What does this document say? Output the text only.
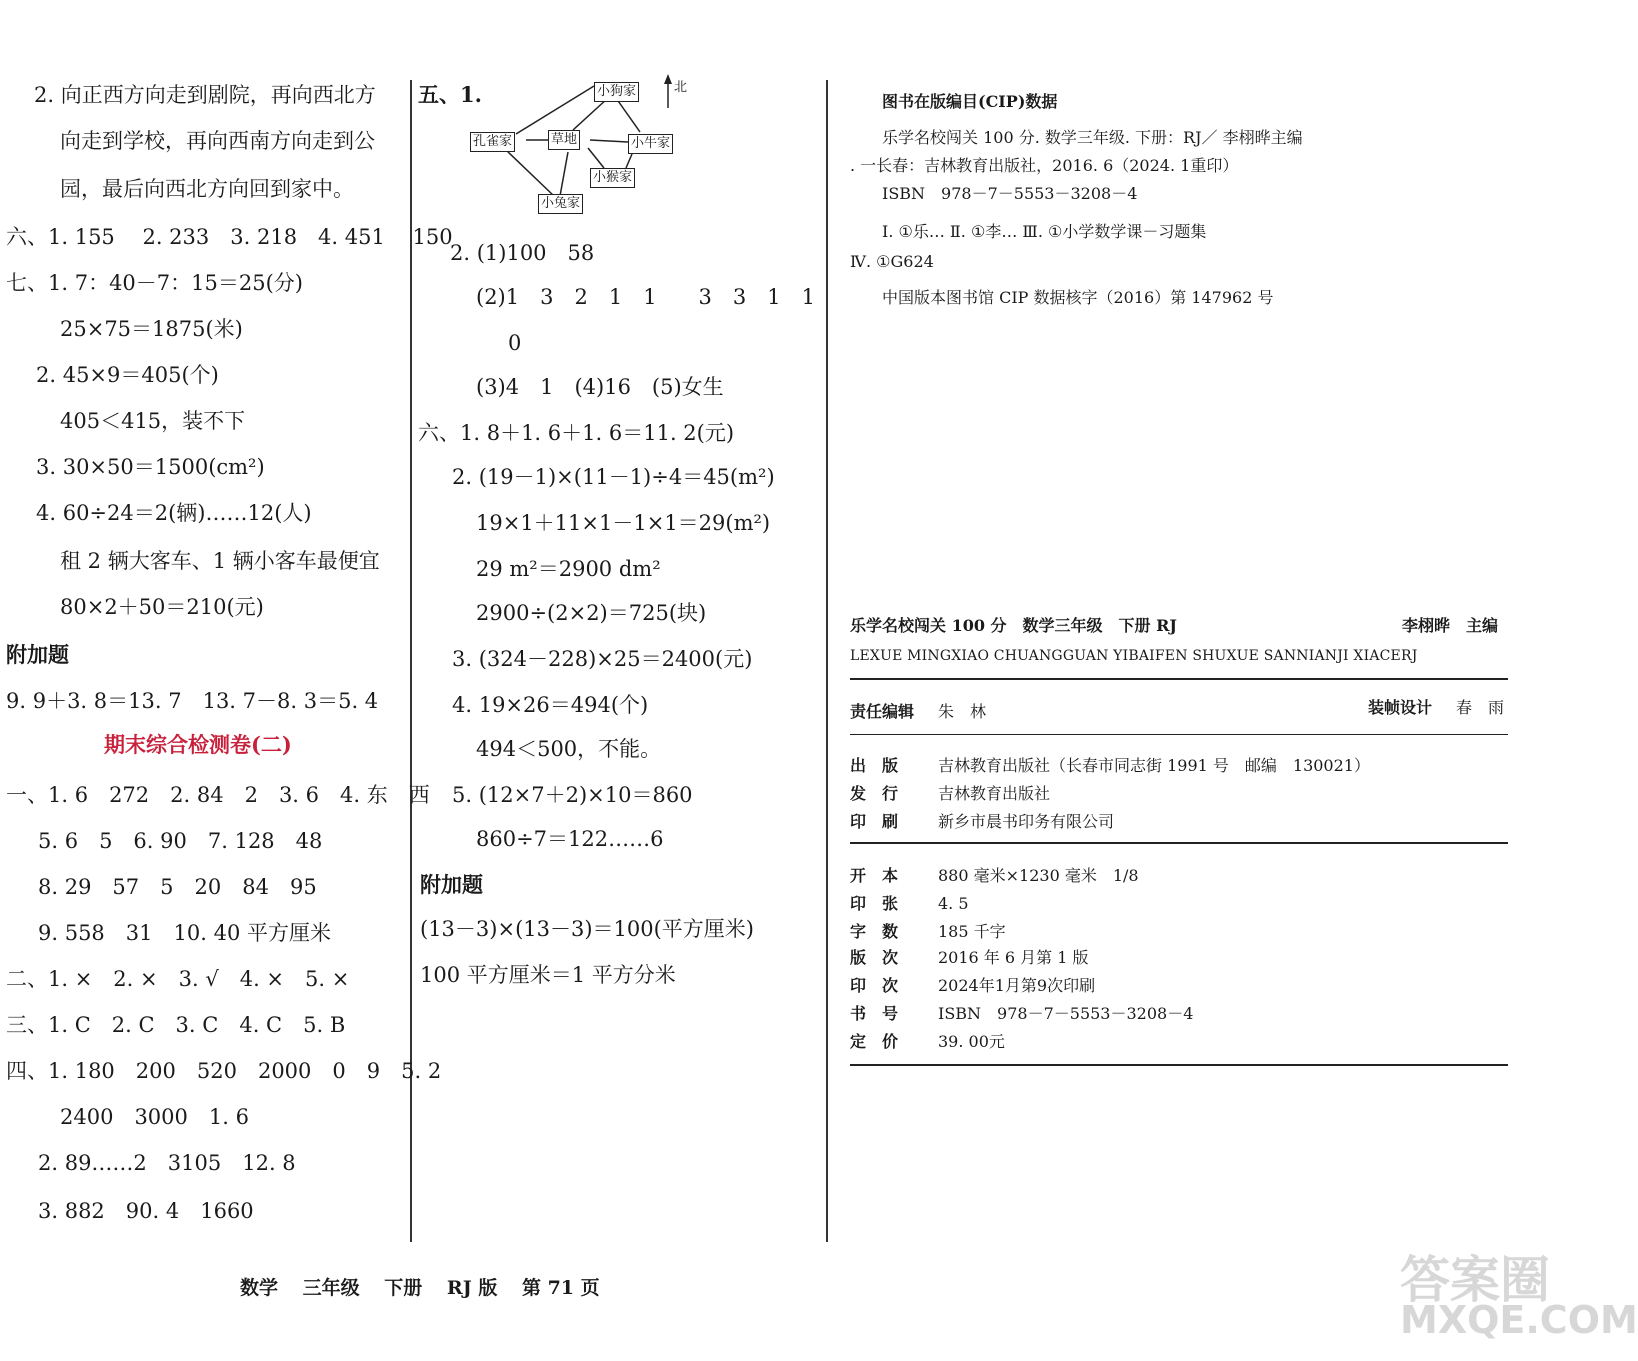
2. 向正西方向走到剧院，再向西北方
向走到学校，再向西南方向走到公
园，最后向西北方向回到家中。
六、1. 155　 2. 233　3. 218　4. 451　 150
七、1. 7：40－7：15＝25(分)
25×75＝1875(米)
2. 45×9＝405(个)
405＜415，装不下
3. 30×50＝1500(cm²)
4. 60÷24＝2(辆)……12(人)
租 2 辆大客车、1 辆小客车最便宜
80×2＋50＝210(元)
附加题
9. 9＋3. 8＝13. 7　13. 7－8. 3＝5. 4
一、1. 6　272　2. 84　2　3. 6　4. 东　西
5. 6　5　6. 90　7. 128　48
8. 29　57　5　20　84　95
9. 558　31　10. 40 平方厘米
二、1. ×　2. ×　3. √　4. ×　5. ×
三、1. C　2. C　3. C　4. C　5. B
四、1. 180　200　520　2000　0　9　5. 2
2400　3000　1. 6
2. 89……2　3105　12. 8
3. 882　90. 4　1660
期末综合检测卷(二)
五、1.
2. (1)100　58
(2)1　3　2　1　1　　3　3　1　1
0
(3)4　1　(4)16　(5)女生
六、1. 8＋1. 6＋1. 6＝11. 2(元)
2. (19－1)×(11－1)÷4＝45(m²)
19×1＋11×1－1×1＝29(m²)
29 m²＝2900 dm²
2900÷(2×2)＝725(块)
3. (324－228)×25＝2400(元)
4. 19×26＝494(个)
494＜500，不能。
5. (12×7＋2)×10＝860
860÷7＝122……6
附加题
(13－3)×(13－3)＝100(平方厘米)
100 平方厘米＝1 平方分米
小狗家
孔雀家	草地	小牛家
小猴家
小兔家
北
图书在版编目(CIP)数据
乐学名校闯关 100 分. 数学三年级. 下册：RJ／ 李栩晔主编
. 一长春：吉林教育出版社，2016. 6（2024. 1重印）
ISBN　978－7－5553－3208－4
Ⅰ. ①乐… Ⅱ. ①李… Ⅲ. ①小学数学课－习题集
Ⅳ. ①G624
中国版本图书馆 CIP 数据核字（2016）第 147962 号
乐学名校闯关 100 分　数学三年级　下册 RJ	李栩晔　主编
LEXUE MINGXIAO CHUANGGUAN YIBAIFEN SHUXUE SANNIANJI XIACERJ
责任编辑 朱　林	装帧设计 春　雨
出　版 吉林教育出版社（长春市同志街 1991 号　邮编　130021）
发　行 吉林教育出版社
印　刷 新乡市晨书印务有限公司
开　本 880 毫米×1230 毫米　1/8
印　张 4. 5
字　数 185 千字
版　次 2016 年 6 月第 1 版
印　次 2024年1月第9次印刷
书　号 ISBN　978－7－5553－3208－4
定　价 39. 00元
数学 三年级 下册 RJ 版 第 71 页	答案圈
MXQE.COM
